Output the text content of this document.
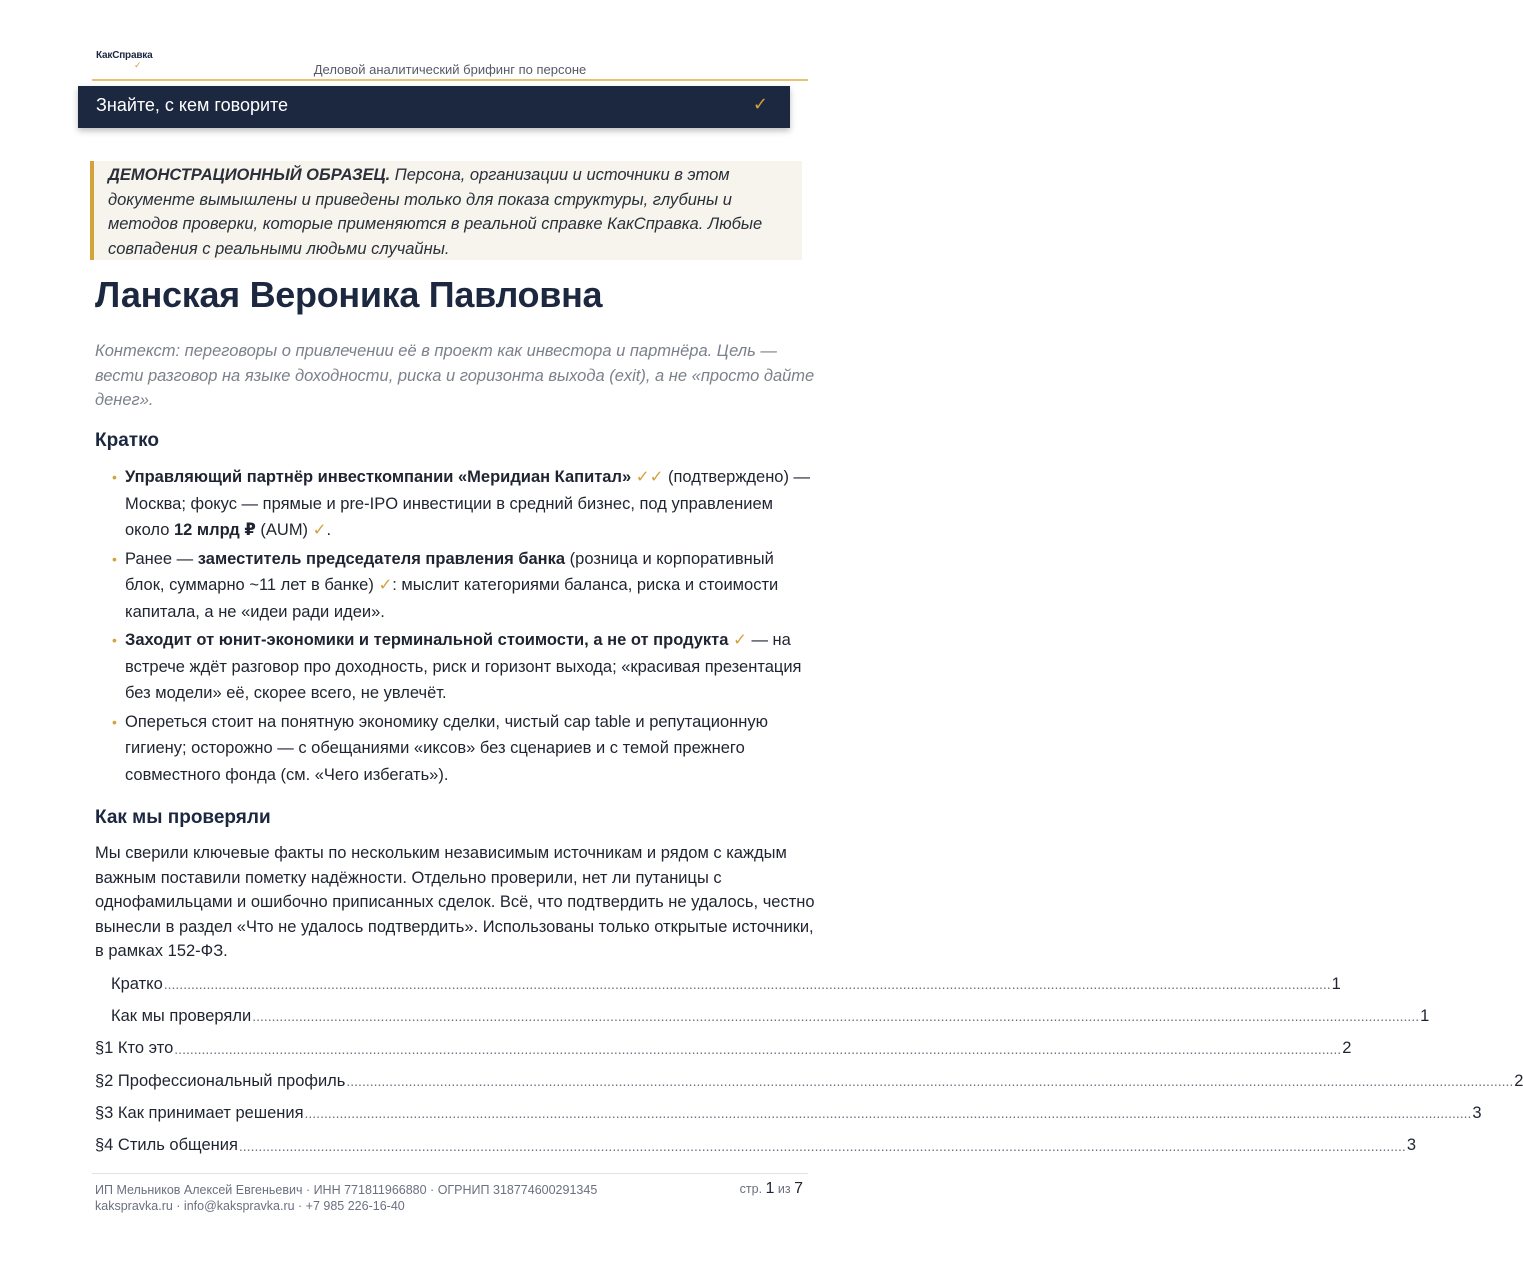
КакСправка
✓	Деловой аналитический брифинг по персоне
Знайте, с кем говорите	✓

ДЕМОНСТРАЦИОННЫЙ ОБРАЗЕЦ. Персона, организации и источники в этом документе вымышлены и приведены только для показа структуры, глубины и методов проверки, которые применяются в реальной справке КакСправка. Любые совпадения с реальными людьми случайны.

Ланская Вероника Павловна

Контекст: переговоры о привлечении её в проект как инвестора и партнёра. Цель — вести разговор на языке доходности, риска и горизонта выхода (exit), а не «просто дайте денег».

Кратко
• Управляющий партнёр инвесткомпании «Меридиан Капитал» ✓✓ (подтверждено) — Москва; фокус — прямые и pre-IPO инвестиции в средний бизнес, под управлением около 12 млрд ₽ (AUM) ✓.
• Ранее — заместитель председателя правления банка (розница и корпоративный блок, суммарно ~11 лет в банке) ✓: мыслит категориями баланса, риска и стоимости капитала, а не «идеи ради идеи».
• Заходит от юнит-экономики и терминальной стоимости, а не от продукта ✓ — на встрече ждёт разговор про доходность, риск и горизонт выхода; «красивая презентация без модели» её, скорее всего, не увлечёт.
• Опереться стоит на понятную экономику сделки, чистый cap table и репутационную гигиену; осторожно — с обещаниями «иксов» без сценариев и с темой прежнего совместного фонда (см. «Чего избегать»).
Как мы проверяли

Мы сверили ключевые факты по нескольким независимым источникам и рядом с каждым важным поставили пометку надёжности. Отдельно проверили, нет ли путаницы с однофамильцами и ошибочно приписанных сделок. Всё, что подтвердить не удалось, честно вынесли в раздел «Что не удалось подтвердить». Использованы только открытые источники, в рамках 152-ФЗ.

Кратко ............................................................................................................................................................................................................................................................................................................ 1
Как мы проверяли ............................................................................................................................................................................................................................................................................................................ 1
§1 Кто это ............................................................................................................................................................................................................................................................................................................ 2
§2 Профессиональный профиль ............................................................................................................................................................................................................................................................................................................ 2
§3 Как принимает решения ............................................................................................................................................................................................................................................................................................................ 3
§4 Стиль общения ............................................................................................................................................................................................................................................................................................................ 3
ИП Мельников Алексей Евгеньевич · ИНН 771811966880 · ОГРНИП 318774600291345
kakspravka.ru · info@kakspravka.ru · +7 985 226-16-40
стр. 1 из 7
